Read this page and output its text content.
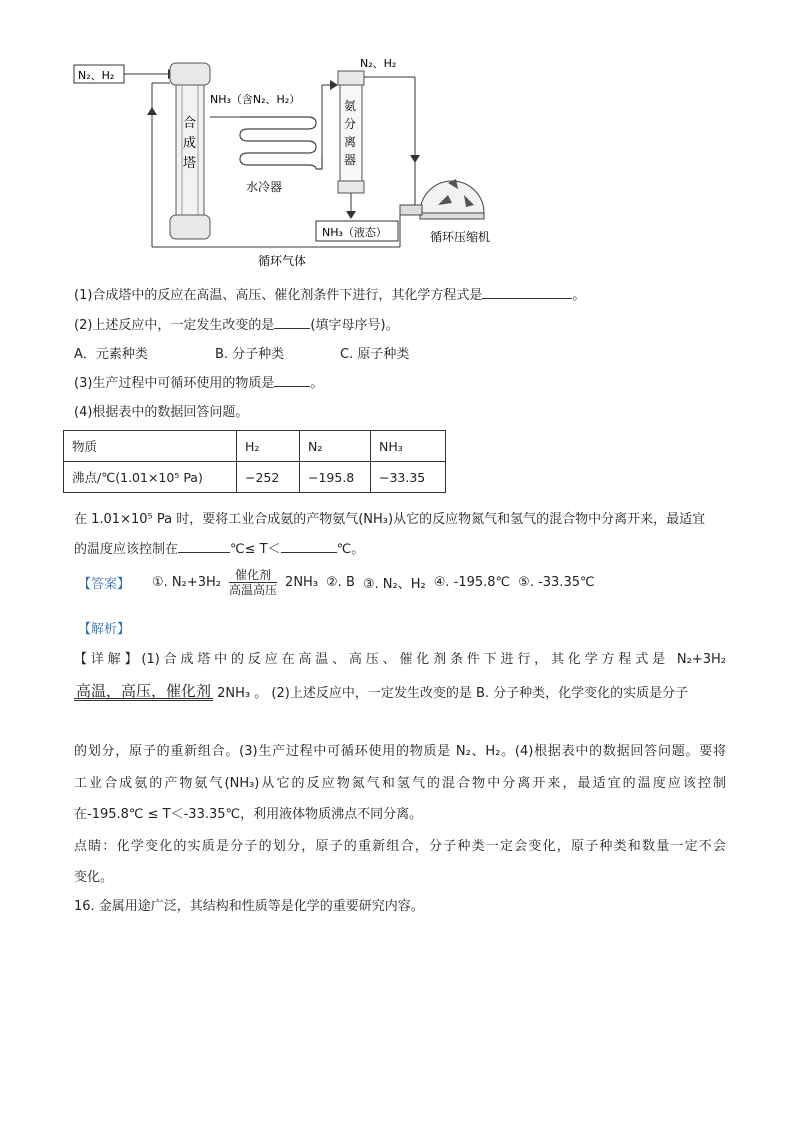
N₂、H₂
合
成
塔
NH₃（含N₂、H₂）
水冷器
氨
分
离
器
N₂、H₂
NH₃（液态）	循环压缩机
循环气体
(1)合成塔中的反应在高温、高压、催化剂条件下进行，其化学方程式是	。
(2)上述反应中，一定发生改变的是	(填字母序号)。
A．元素种类	B. 分子种类	C. 原子种类
(3)生产过程中可循环使用的物质是	。
(4)根据表中的数据回答问题。
物质	H₂	N₂	NH₃
沸点/℃(1.01×10⁵ Pa)	−252	−195.8	−33.35
在 1.01×10⁵ Pa 时，要将工业合成氨的产物氨气(NH₃)从它的反应物氮气和氢气的混合物中分离开来，最适宜
的温度应该控制在	℃≤ T＜	℃。
【答案】 ①. $N_2+3H_2 \frac{\text{催化剂}}{\text{高温高压}} 2NH_3$ ②. B ③. N₂、H₂ ④. -195.8℃ ⑤. -33.35℃
【解析】
【详解】(1)合成塔中的反应在高温、高压、催化剂条件下进行，其化学方程式是 N₂+3H₂
高温，高压，催化剂 2NH₃ 。 (2)上述反应中，一定发生改变的是 B. 分子种类，化学变化的实质是分子
的划分，原子的重新组合。(3)生产过程中可循环使用的物质是 N₂、H₂。(4)根据表中的数据回答问题。要将
工业合成氨的产物氨气(NH₃)从它的反应物氮气和氢气的混合物中分离开来，最适宜的温度应该控制
在-195.8℃ ≤ T＜-33.35℃，利用液体物质沸点不同分离。
点睛：化学变化的实质是分子的划分，原子的重新组合，分子种类一定会变化，原子种类和数量一定不会
变化。
16. 金属用途广泛，其结构和性质等是化学的重要研究内容。
